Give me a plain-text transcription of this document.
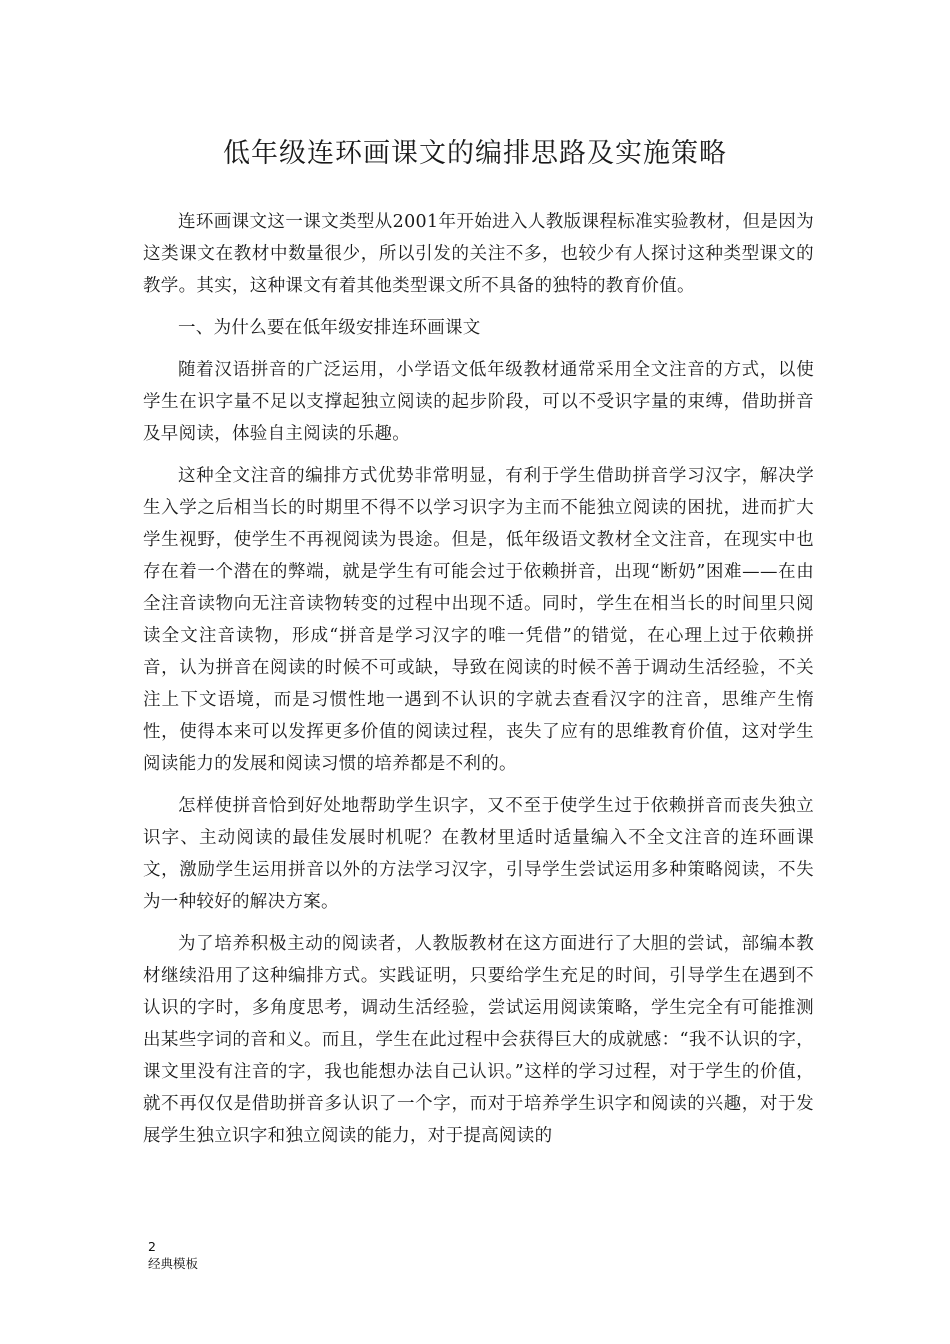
低年级连环画课文的编排思路及实施策略

连环画课文这一课文类型从2001年开始进入人教版课程标准实验教材，但是因为这类课文在教材中数量很少，所以引发的关注不多，也较少有人探讨这种类型课文的教学。其实，这种课文有着其他类型课文所不具备的独特的教育价值。

一、为什么要在低年级安排连环画课文

随着汉语拼音的广泛运用，小学语文低年级教材通常采用全文注音的方式，以使学生在识字量不足以支撑起独立阅读的起步阶段，可以不受识字量的束缚，借助拼音及早阅读，体验自主阅读的乐趣。

这种全文注音的编排方式优势非常明显，有利于学生借助拼音学习汉字，解决学生入学之后相当长的时期里不得不以学习识字为主而不能独立阅读的困扰，进而扩大学生视野，使学生不再视阅读为畏途。但是，低年级语文教材全文注音，在现实中也存在着一个潜在的弊端，就是学生有可能会过于依赖拼音，出现“断奶”困难——在由全注音读物向无注音读物转变的过程中出现不适。同时，学生在相当长的时间里只阅读全文注音读物，形成“拼音是学习汉字的唯一凭借”的错觉，在心理上过于依赖拼音，认为拼音在阅读的时候不可或缺，导致在阅读的时候不善于调动生活经验，不关注上下文语境，而是习惯性地一遇到不认识的字就去查看汉字的注音，思维产生惰性，使得本来可以发挥更多价值的阅读过程，丧失了应有的思维教育价值，这对学生阅读能力的发展和阅读习惯的培养都是不利的。

怎样使拼音恰到好处地帮助学生识字，又不至于使学生过于依赖拼音而丧失独立识字、主动阅读的最佳发展时机呢？在教材里适时适量编入不全文注音的连环画课文，激励学生运用拼音以外的方法学习汉字，引导学生尝试运用多种策略阅读，不失为一种较好的解决方案。

为了培养积极主动的阅读者，人教版教材在这方面进行了大胆的尝试，部编本教材继续沿用了这种编排方式。实践证明，只要给学生充足的时间，引导学生在遇到不认识的字时，多角度思考，调动生活经验，尝试运用阅读策略，学生完全有可能推测出某些字词的音和义。而且，学生在此过程中会获得巨大的成就感：“我不认识的字，课文里没有注音的字，我也能想办法自己认识。”这样的学习过程，对于学生的价值，就不再仅仅是借助拼音多认识了一个字，而对于培养学生识字和阅读的兴趣，对于发展学生独立识字和独立阅读的能力，对于提高阅读的

2
经典模板
